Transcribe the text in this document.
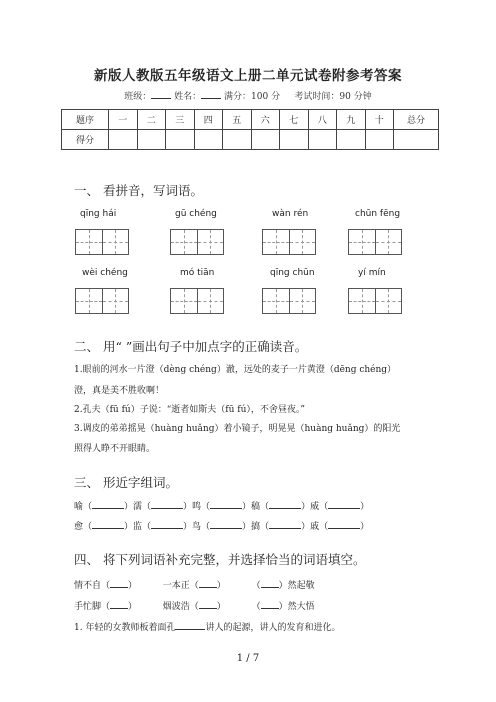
新版人教版五年级语文上册二单元试卷附参考答案
班级：	姓名：	满分：100 分 考试时间：90 分钟
题序	一	二	三	四	五	六	七	八	九	十	总分
得分											
一、 看拼音，写词语。
qīng hái	gū chéng	wàn rén	chūn fēng
wèi chéng	mó tiān	qīng chūn	yí mín
二、 用“ ”画出句子中加点字的正确读音。
1.眼前的河水一片澄（dèng chéng）澈，远处的麦子一片黄澄（dēng chéng）
澄，真是美不胜收啊！
2.孔夫（fū fú）子说：“逝者如斯夫（fū fú），不舍昼夜。”
3.调皮的弟弟摇晃（huàng huǎng）着小镜子，明晃晃（huàng huǎng）的阳光
照得人睁不开眼睛。
三、 形近字组词。
喻（	）濡（	）鸣（	）稿（	）威（	）
愈（	）监（	）鸟（	）搞（	）戚（	）
四、 将下列词语补充完整，并选择恰当的词语填空。
情不自（ ）	一本正（ ）	（ ）然起敬
手忙脚（ ）	烟波浩（ ）	（ ）然大悟
1. 年轻的女教师板着面孔	讲人的起源，讲人的发育和进化。
1 / 7
